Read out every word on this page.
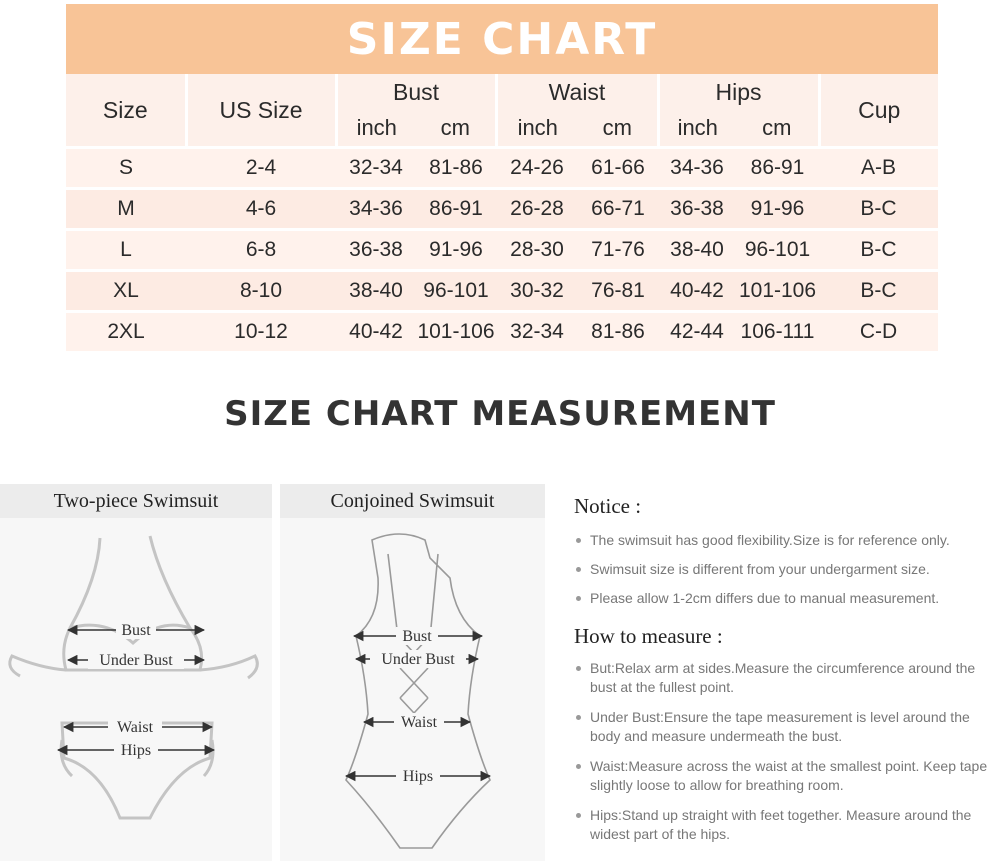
SIZE CHART
Size	US Size	Bust		Waist		Hips		Cup
		inch	cm	inch	cm	inch	cm	
S	2-4	32-34	81-86	24-26	61-66	34-36	86-91	A-B
M	4-6	34-36	86-91	26-28	66-71	36-38	91-96	B-C
L	6-8	36-38	91-96	28-30	71-76	38-40	96-101	B-C
XL	8-10	38-40	96-101	30-32	76-81	40-42	101-106	B-C
2XL	10-12	40-42	101-106	32-34	81-86	42-44	106-111	C-D
SIZE CHART MEASUREMENT
Two-piece Swimsuit
Bust
Under Bust
Waist
Hips
Conjoined Swimsuit
Bust
Under Bust
Waist
Hips
Notice :
The swimsuit has good flexibility.Size is for reference only.
Swimsuit size is different from your undergarment size.
Please allow 1-2cm differs due to manual measurement.
How to measure :
But:Relax arm at sides.Measure the circumference around the bust at the fullest point.
Under Bust:Ensure the tape measurement is level around the body and measure undermeath the bust.
Waist:Measure across the waist at the smallest point. Keep tape slightly loose to allow for breathing room.
Hips:Stand up straight with feet together. Measure around the widest part of the hips.
